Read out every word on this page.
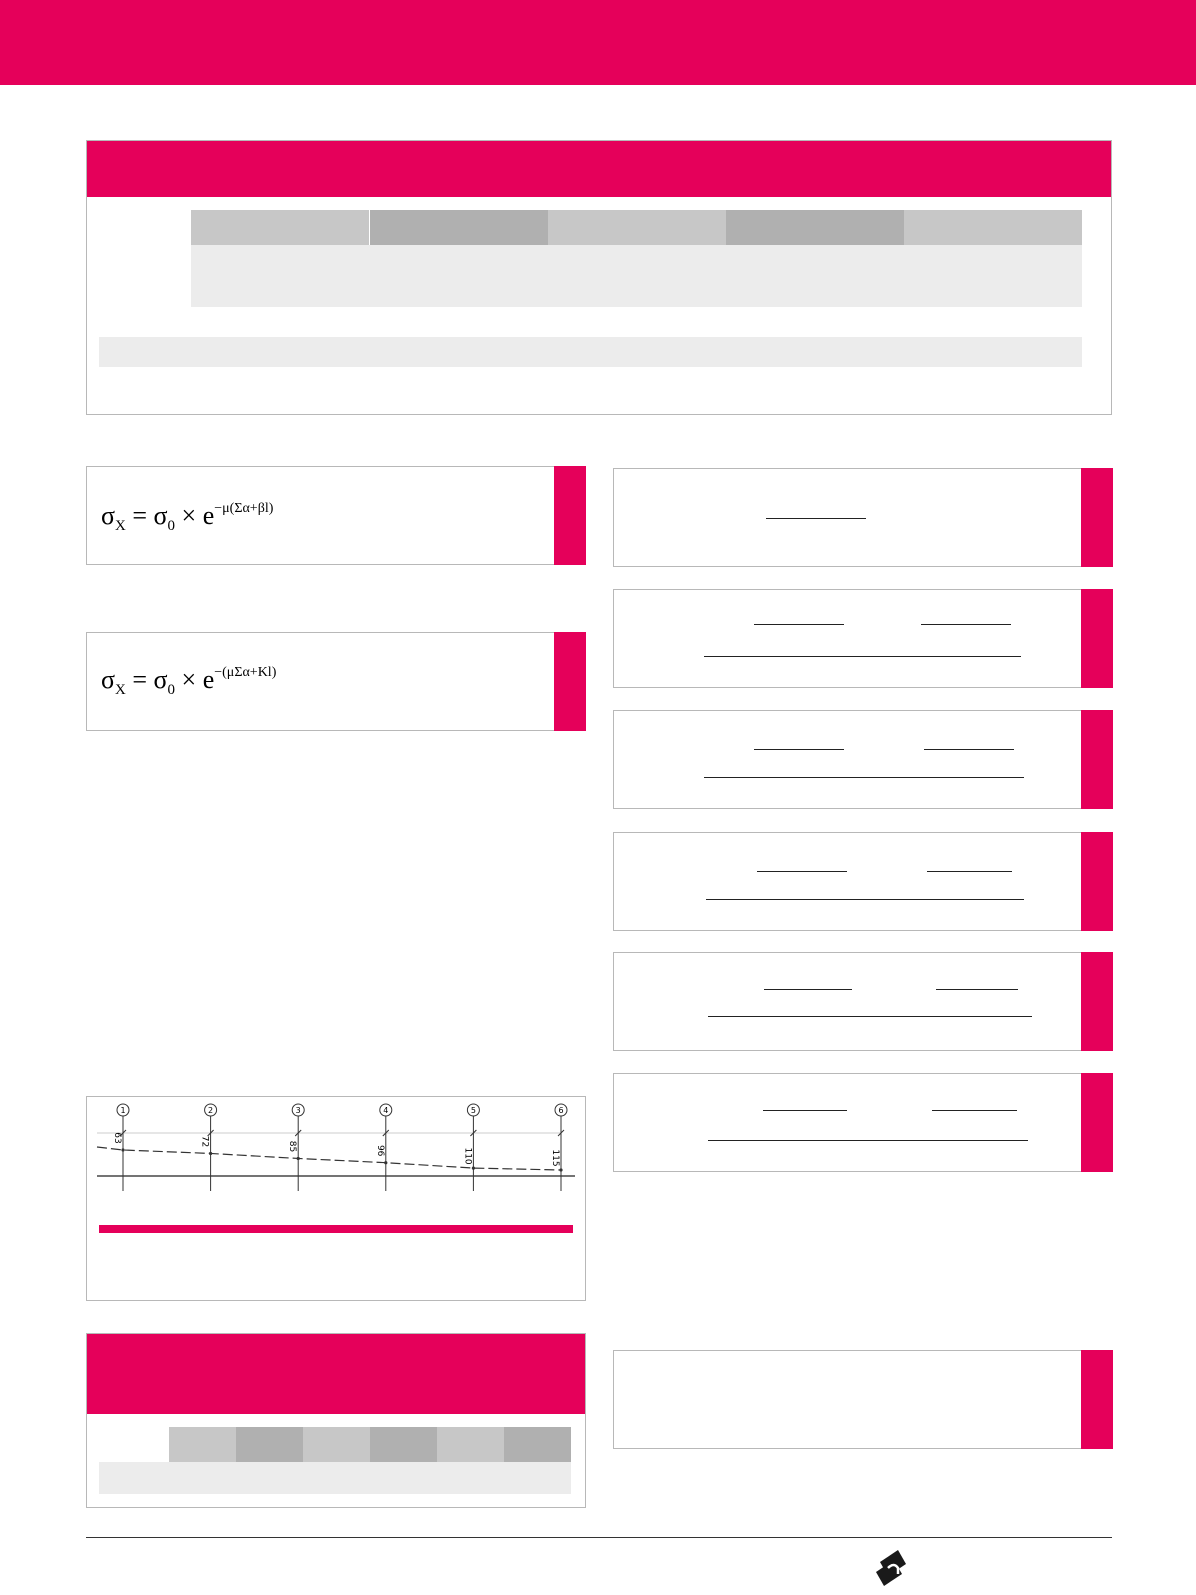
$\sigma_X = \sigma_0 \times e^{-\mu(\Sigma\alpha+\beta l)}$
$\sigma_X = \sigma_0 \times e^{-(\mu\Sigma\alpha+Kl)}$
1	2	3	4	5	6
63	72	85	96	110	115
